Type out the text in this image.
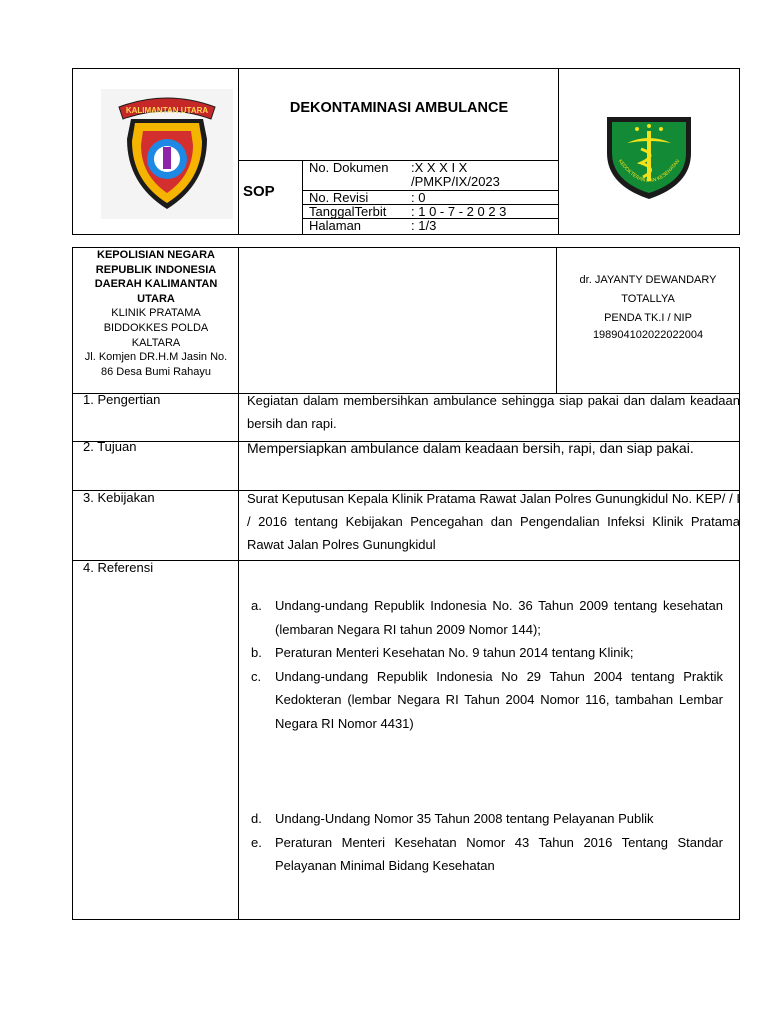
KALIMANTAN UTARA	DEKONTAMINASI AMBULANCE
SOP
No. Dokumen :X X X I X
/PMKP/IX/2023
No. Revisi	: 0
TanggalTerbit : 1 0 - 7 - 2 0 2 3
Halaman	: 1/3
KEDOKTERAN DAN KESEHATAN
KEPOLISIAN NEGARA
REPUBLIK INDONESIA
DAERAH KALIMANTAN
UTARA
KLINIK PRATAMA
BIDDOKKES POLDA
KALTARA
Jl. Komjen DR.H.M Jasin No.
86 Desa Bumi Rahayu
dr. JAYANTY DEWANDARY
TOTALLYA
PENDA TK.I / NIP
198904102022022004
1. Pengertian	Kegiatan dalam membersihkan ambulance sehingga siap pakai dan dalam keadaan bersih dan rapi.
2. Tujuan	Mempersiapkan ambulance dalam keadaan bersih, rapi, dan siap pakai.
3. Kebijakan	Surat Keputusan Kepala Klinik Pratama Rawat Jalan Polres Gunungkidul No. KEP/ / I / 2016 tentang Kebijakan Pencegahan dan Pengendalian Infeksi Klinik Pratama Rawat Jalan Polres Gunungkidul
4. Referensi
a. Undang-undang Republik Indonesia No. 36 Tahun 2009 tentang kesehatan (lembaran Negara RI tahun 2009 Nomor 144);
b. Peraturan Menteri Kesehatan No. 9 tahun 2014 tentang Klinik;
c. Undang-undang Republik Indonesia No 29 Tahun 2004 tentang Praktik Kedokteran (lembar Negara RI Tahun 2004 Nomor 116, tambahan Lembar Negara RI Nomor 4431)
d. Undang-Undang Nomor 35 Tahun 2008 tentang Pelayanan Publik
e. Peraturan Menteri Kesehatan Nomor 43 Tahun 2016 Tentang Standar Pelayanan Minimal Bidang Kesehatan
